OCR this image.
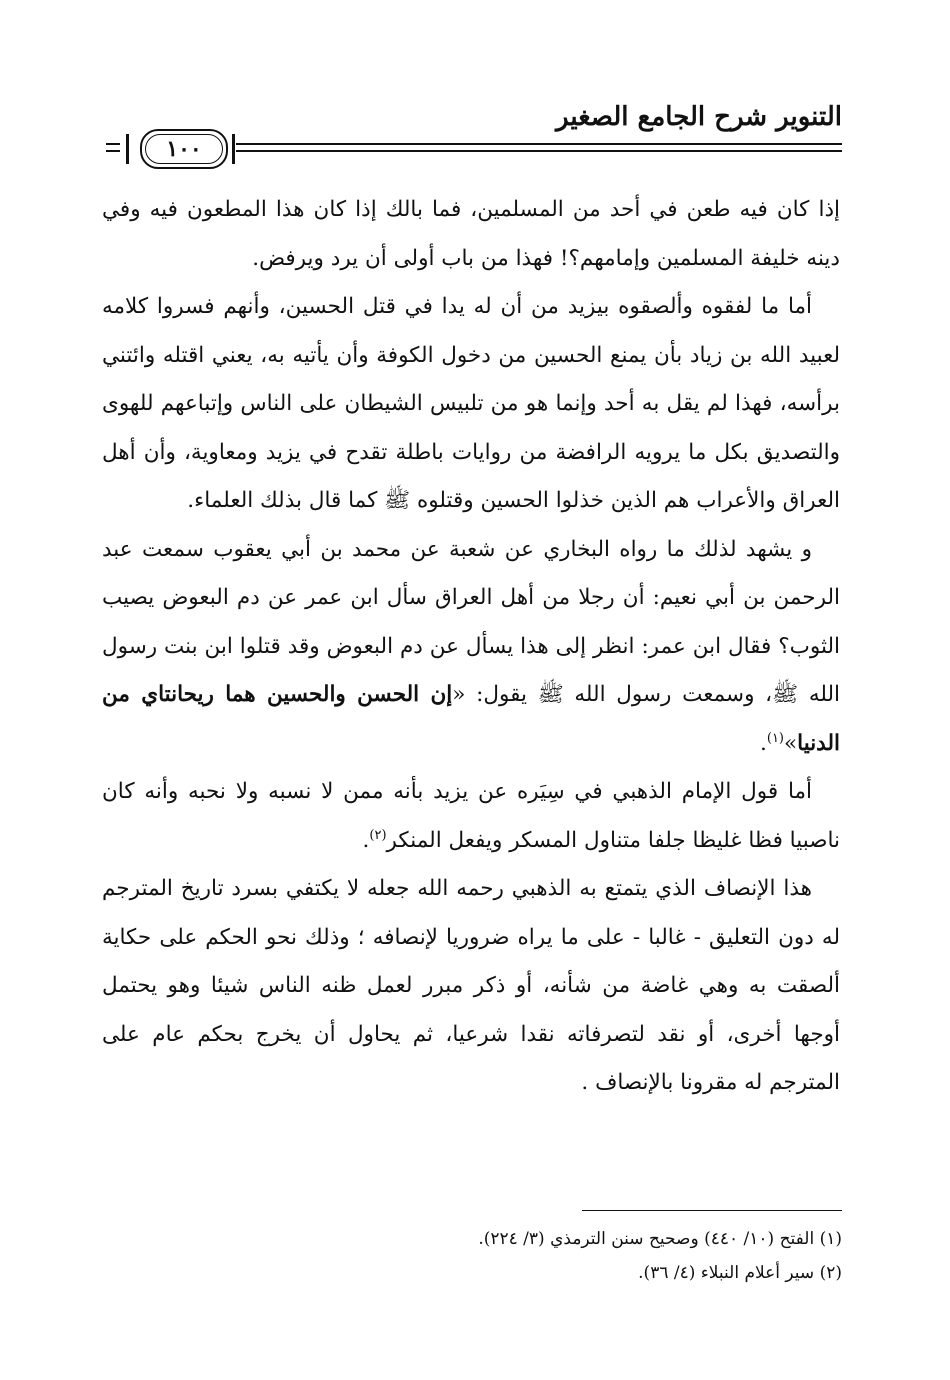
التنوير شرح الجامع الصغير
١٠٠

إذا كان فيه طعن في أحد من المسلمين، فما بالك إذا كان هذا المطعون فيه وفي دينه خليفة المسلمين وإمامهم؟! فهذا من باب أولى أن يرد ويرفض.

أما ما لفقوه وألصقوه بيزيد من أن له يدا في قتل الحسين، وأنهم فسروا كلامه لعبيد الله بن زياد بأن يمنع الحسين من دخول الكوفة وأن يأتيه به، يعني اقتله وائتني برأسه، فهذا لم يقل به أحد وإنما هو من تلبيس الشيطان على الناس وإتباعهم للهوى والتصديق بكل ما يرويه الرافضة من روايات باطلة تقدح في يزيد ومعاوية، وأن أهل العراق والأعراب هم الذين خذلوا الحسين وقتلوه ﷺ كما قال بذلك العلماء.

و يشهد لذلك ما رواه البخاري عن شعبة عن محمد بن أبي يعقوب سمعت عبد الرحمن بن أبي نعيم: أن رجلا من أهل العراق سأل ابن عمر عن دم البعوض يصيب الثوب؟ فقال ابن عمر: انظر إلى هذا يسأل عن دم البعوض وقد قتلوا ابن بنت رسول الله ﷺ، وسمعت رسول الله ﷺ يقول: «إن الحسن والحسين هما ريحانتاي من الدنيا»$^{(١)}$.

أما قول الإمام الذهبي في سِيَره عن يزيد بأنه ممن لا نسبه ولا نحبه وأنه كان ناصبيا فظا غليظا جلفا متناول المسكر ويفعل المنكر$^{(٢)}$.

هذا الإنصاف الذي يتمتع به الذهبي رحمه الله جعله لا يكتفي بسرد تاريخ المترجم له دون التعليق - غالبا - على ما يراه ضروريا لإنصافه ؛ وذلك نحو الحكم على حكاية ألصقت به وهي غاضة من شأنه، أو ذكر مبرر لعمل ظنه الناس شيئا وهو يحتمل أوجها أخرى، أو نقد لتصرفاته نقدا شرعيا، ثم يحاول أن يخرج بحكم عام على المترجم له مقرونا بالإنصاف .

(١) الفتح (١٠/ ٤٤٠) وصحيح سنن الترمذي (٣/ ٢٢٤).
(٢) سير أعلام النبلاء (٤/ ٣٦).
